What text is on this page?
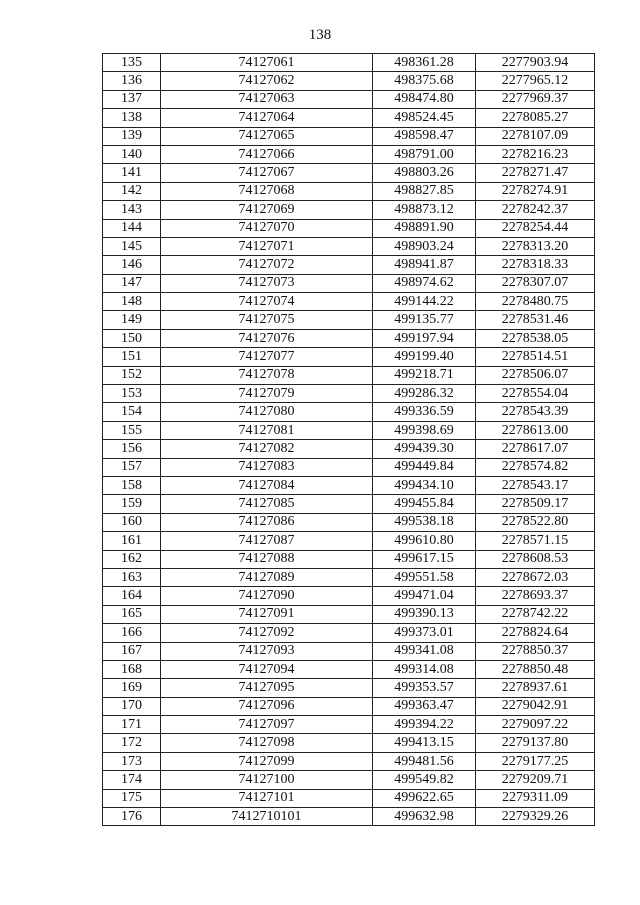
138
135	74127061	498361.28	2277903.94
136	74127062	498375.68	2277965.12
137	74127063	498474.80	2277969.37
138	74127064	498524.45	2278085.27
139	74127065	498598.47	2278107.09
140	74127066	498791.00	2278216.23
141	74127067	498803.26	2278271.47
142	74127068	498827.85	2278274.91
143	74127069	498873.12	2278242.37
144	74127070	498891.90	2278254.44
145	74127071	498903.24	2278313.20
146	74127072	498941.87	2278318.33
147	74127073	498974.62	2278307.07
148	74127074	499144.22	2278480.75
149	74127075	499135.77	2278531.46
150	74127076	499197.94	2278538.05
151	74127077	499199.40	2278514.51
152	74127078	499218.71	2278506.07
153	74127079	499286.32	2278554.04
154	74127080	499336.59	2278543.39
155	74127081	499398.69	2278613.00
156	74127082	499439.30	2278617.07
157	74127083	499449.84	2278574.82
158	74127084	499434.10	2278543.17
159	74127085	499455.84	2278509.17
160	74127086	499538.18	2278522.80
161	74127087	499610.80	2278571.15
162	74127088	499617.15	2278608.53
163	74127089	499551.58	2278672.03
164	74127090	499471.04	2278693.37
165	74127091	499390.13	2278742.22
166	74127092	499373.01	2278824.64
167	74127093	499341.08	2278850.37
168	74127094	499314.08	2278850.48
169	74127095	499353.57	2278937.61
170	74127096	499363.47	2279042.91
171	74127097	499394.22	2279097.22
172	74127098	499413.15	2279137.80
173	74127099	499481.56	2279177.25
174	74127100	499549.82	2279209.71
175	74127101	499622.65	2279311.09
176	7412710101	499632.98	2279329.26
